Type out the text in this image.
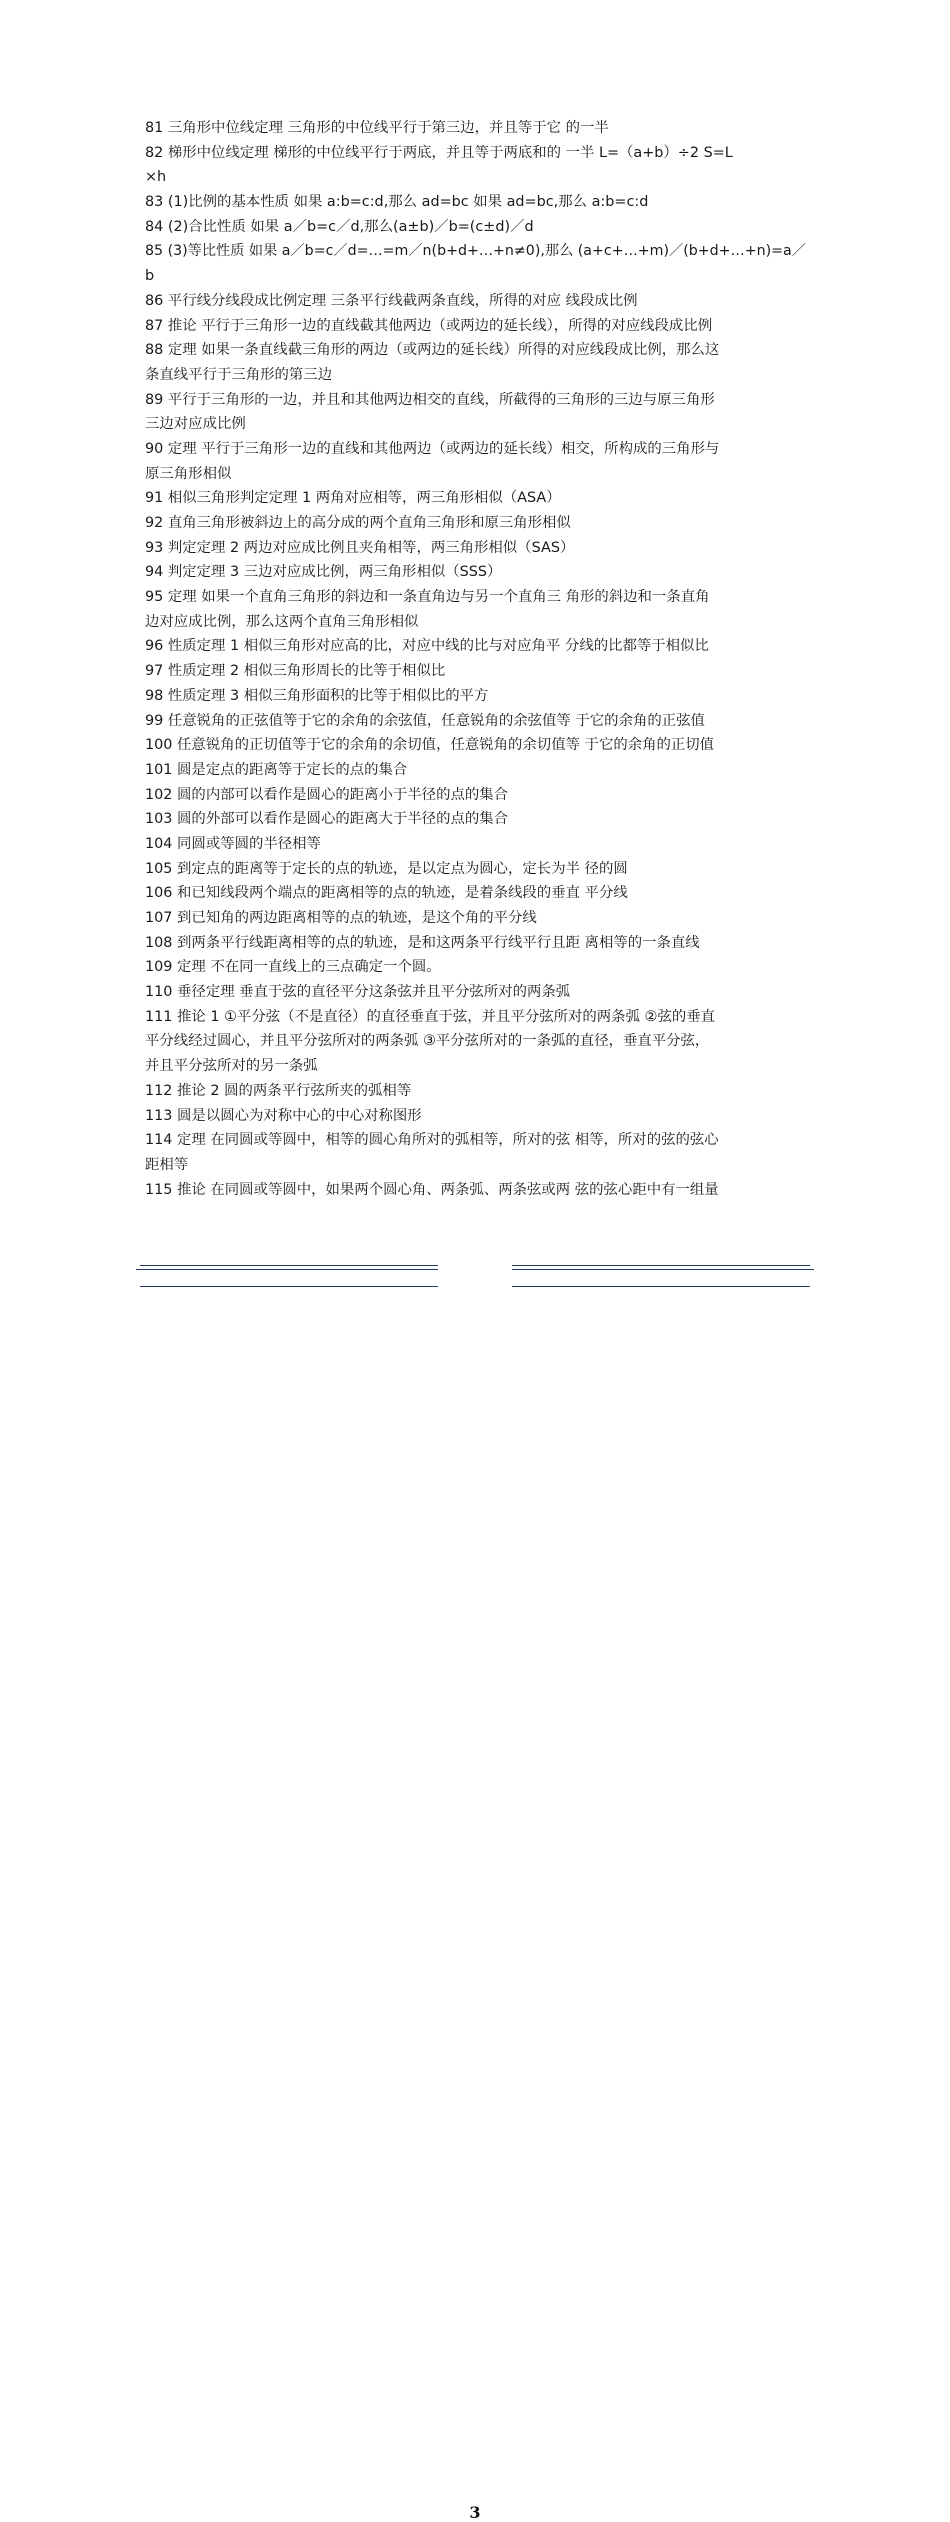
81 三角形中位线定理 三角形的中位线平行于第三边，并且等于它 的一半
82 梯形中位线定理 梯形的中位线平行于两底，并且等于两底和的 一半 L=（a+b）÷2 S=L
×h
83 (1)比例的基本性质 如果 a:b=c:d,那么 ad=bc 如果 ad=bc,那么 a:b=c:d
84 (2)合比性质 如果 a／b=c／d,那么(a±b)／b=(c±d)／d
85 (3)等比性质 如果 a／b=c／d=…=m／n(b+d+…+n≠0),那么 (a+c+…+m)／(b+d+…+n)=a／
b
86 平行线分线段成比例定理 三条平行线截两条直线，所得的对应 线段成比例
87 推论 平行于三角形一边的直线截其他两边（或两边的延长线），所得的对应线段成比例
88 定理 如果一条直线截三角形的两边（或两边的延长线）所得的对应线段成比例，那么这
条直线平行于三角形的第三边
89 平行于三角形的一边，并且和其他两边相交的直线，所截得的三角形的三边与原三角形
三边对应成比例
90 定理 平行于三角形一边的直线和其他两边（或两边的延长线）相交，所构成的三角形与
原三角形相似
91 相似三角形判定定理 1 两角对应相等，两三角形相似（ASA）
92 直角三角形被斜边上的高分成的两个直角三角形和原三角形相似
93 判定定理 2 两边对应成比例且夹角相等，两三角形相似（SAS）
94 判定定理 3 三边对应成比例，两三角形相似（SSS）
95 定理 如果一个直角三角形的斜边和一条直角边与另一个直角三 角形的斜边和一条直角
边对应成比例，那么这两个直角三角形相似
96 性质定理 1 相似三角形对应高的比，对应中线的比与对应角平 分线的比都等于相似比
97 性质定理 2 相似三角形周长的比等于相似比
98 性质定理 3 相似三角形面积的比等于相似比的平方
99 任意锐角的正弦值等于它的余角的余弦值，任意锐角的余弦值等 于它的余角的正弦值
100 任意锐角的正切值等于它的余角的余切值，任意锐角的余切值等 于它的余角的正切值
101 圆是定点的距离等于定长的点的集合
102 圆的内部可以看作是圆心的距离小于半径的点的集合
103 圆的外部可以看作是圆心的距离大于半径的点的集合
104 同圆或等圆的半径相等
105 到定点的距离等于定长的点的轨迹，是以定点为圆心，定长为半 径的圆
106 和已知线段两个端点的距离相等的点的轨迹，是着条线段的垂直 平分线
107 到已知角的两边距离相等的点的轨迹，是这个角的平分线
108 到两条平行线距离相等的点的轨迹，是和这两条平行线平行且距 离相等的一条直线
109 定理 不在同一直线上的三点确定一个圆。
110 垂径定理 垂直于弦的直径平分这条弦并且平分弦所对的两条弧
111 推论 1 ①平分弦（不是直径）的直径垂直于弦，并且平分弦所对的两条弧 ②弦的垂直
平分线经过圆心，并且平分弦所对的两条弧 ③平分弦所对的一条弧的直径，垂直平分弦，
并且平分弦所对的另一条弧
112 推论 2 圆的两条平行弦所夹的弧相等
113 圆是以圆心为对称中心的中心对称图形
114 定理 在同圆或等圆中，相等的圆心角所对的弧相等，所对的弦 相等，所对的弦的弦心
距相等
115 推论 在同圆或等圆中，如果两个圆心角、两条弧、两条弦或两 弦的弦心距中有一组量
3
